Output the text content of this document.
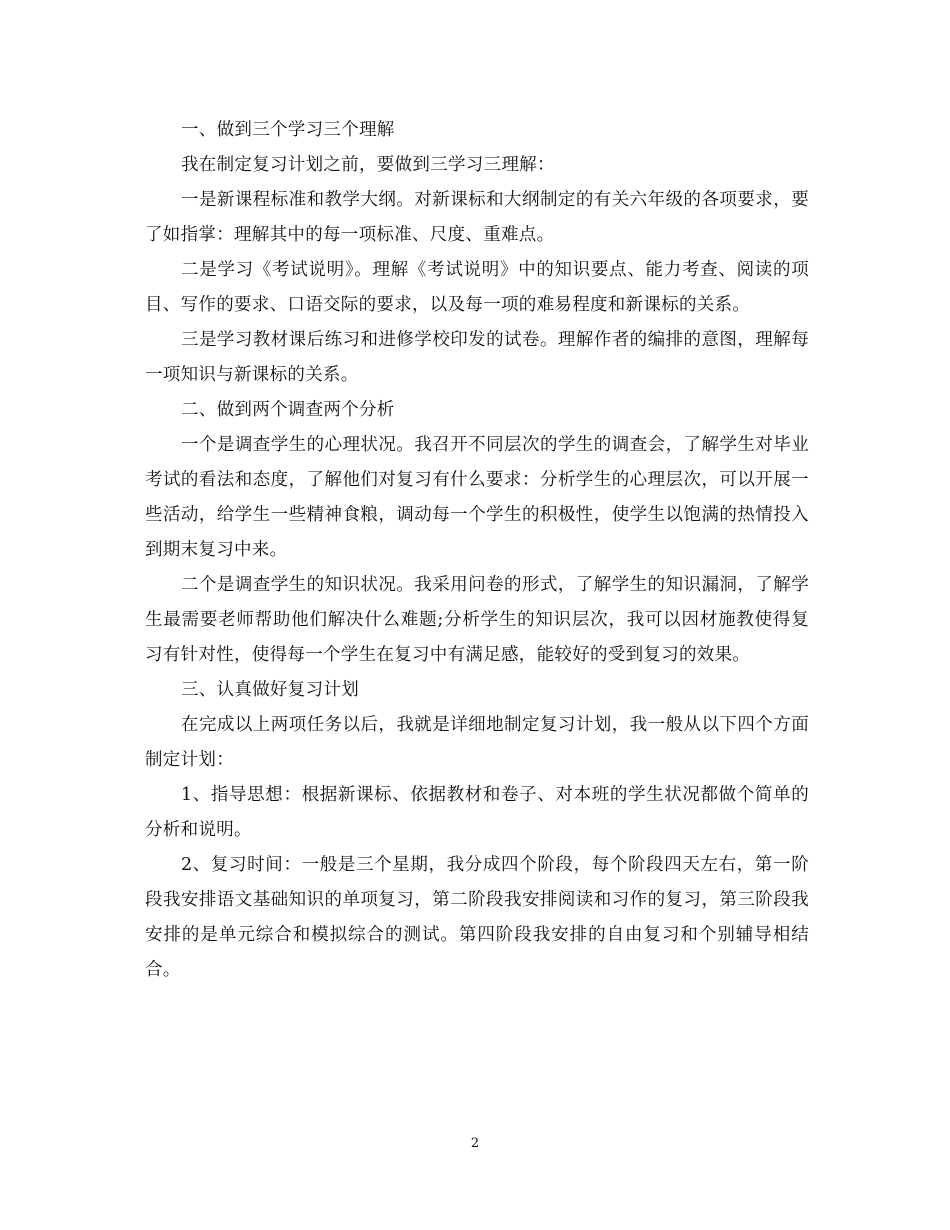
一、做到三个学习三个理解

我在制定复习计划之前，要做到三学习三理解：

一是新课程标准和教学大纲。对新课标和大纲制定的有关六年级的各项要求，要了如指掌：理解其中的每一项标准、尺度、重难点。

二是学习《考试说明》。理解《考试说明》中的知识要点、能力考查、阅读的项目、写作的要求、口语交际的要求，以及每一项的难易程度和新课标的关系。

三是学习教材课后练习和进修学校印发的试卷。理解作者的编排的意图，理解每一项知识与新课标的关系。

二、做到两个调查两个分析

一个是调查学生的心理状况。我召开不同层次的学生的调查会，了解学生对毕业考试的看法和态度，了解他们对复习有什么要求：分析学生的心理层次，可以开展一些活动，给学生一些精神食粮，调动每一个学生的积极性，使学生以饱满的热情投入到期末复习中来。

二个是调查学生的知识状况。我采用问卷的形式，了解学生的知识漏洞，了解学生最需要老师帮助他们解决什么难题;分析学生的知识层次，我可以因材施教使得复习有针对性，使得每一个学生在复习中有满足感，能较好的受到复习的效果。

三、认真做好复习计划

在完成以上两项任务以后，我就是详细地制定复习计划，我一般从以下四个方面制定计划：

1、指导思想：根据新课标、依据教材和卷子、对本班的学生状况都做个简单的分析和说明。

2、复习时间：一般是三个星期，我分成四个阶段，每个阶段四天左右，第一阶段我安排语文基础知识的单项复习，第二阶段我安排阅读和习作的复习，第三阶段我安排的是单元综合和模拟综合的测试。第四阶段我安排的自由复习和个别辅导相结合。

2
